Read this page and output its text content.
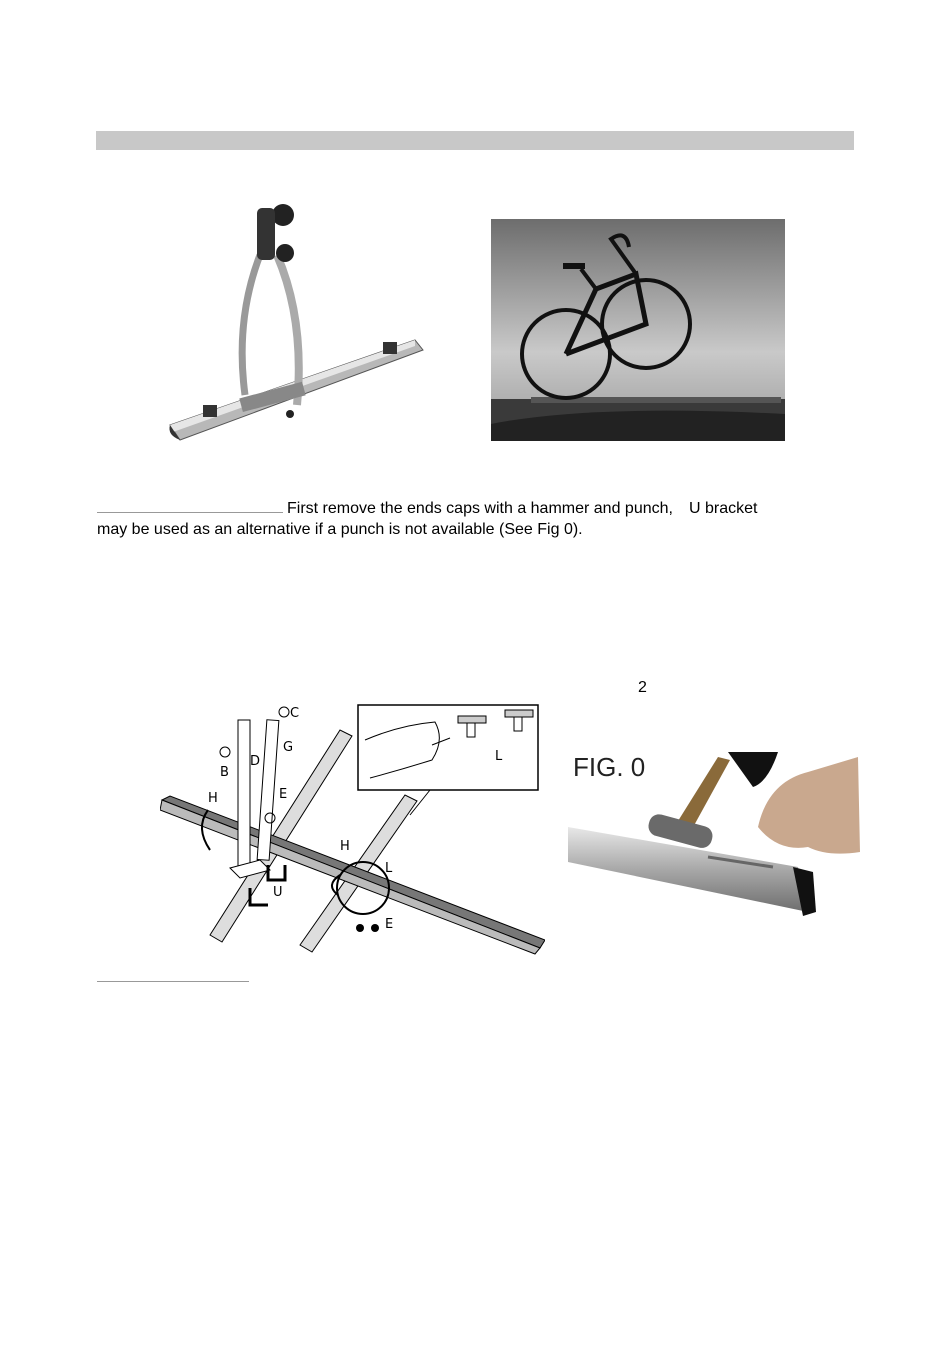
First remove the ends caps with a hammer and punch, U bracket
may be used as an alternative if a punch is not available (See Fig 0).
2
C
G
B
D
H	E
H
L
U
E
L	FIG. 0
